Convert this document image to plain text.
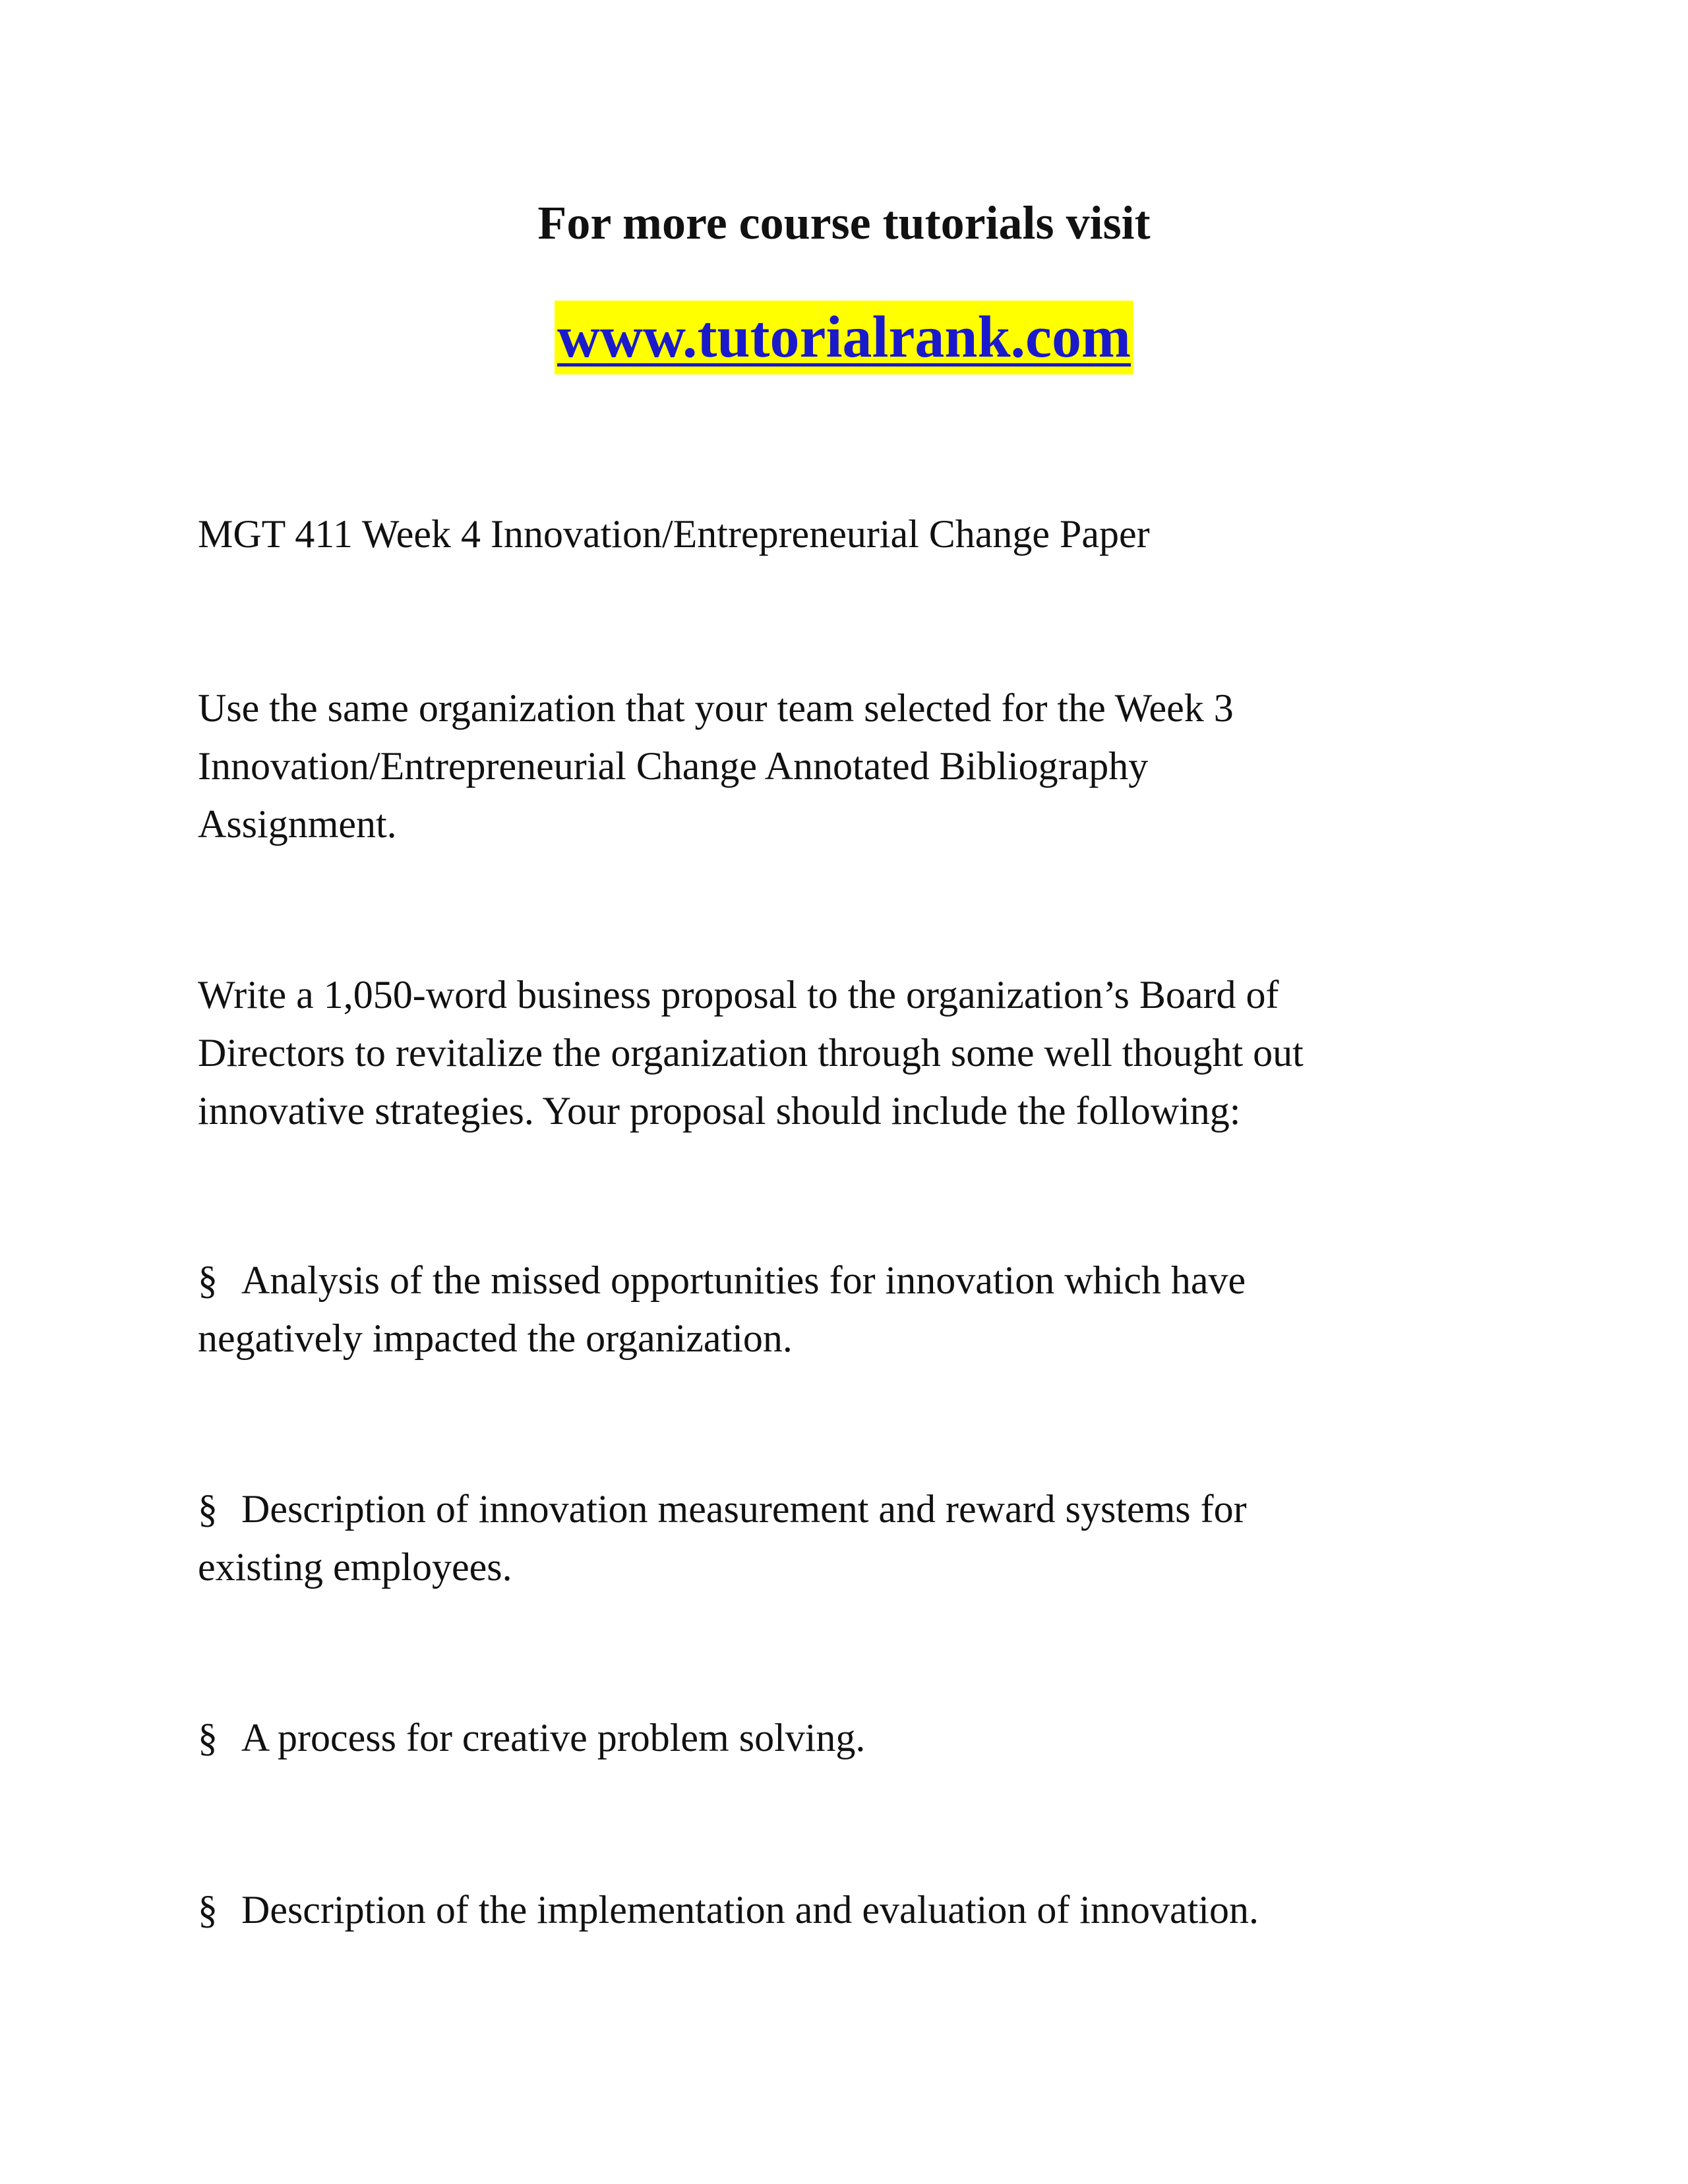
For more course tutorials visit
www.tutorialrank.com

MGT 411 Week 4 Innovation/Entrepreneurial Change Paper

Use the same organization that your team selected for the Week 3
Innovation/Entrepreneurial Change Annotated Bibliography
Assignment.

Write a 1,050-word business proposal to the organization’s Board of
Directors to revitalize the organization through some well thought out
innovative strategies. Your proposal should include the following:

§ Analysis of the missed opportunities for innovation which have
negatively impacted the organization.

§ Description of innovation measurement and reward systems for
existing employees.

§ A process for creative problem solving.

§ Description of the implementation and evaluation of innovation.
